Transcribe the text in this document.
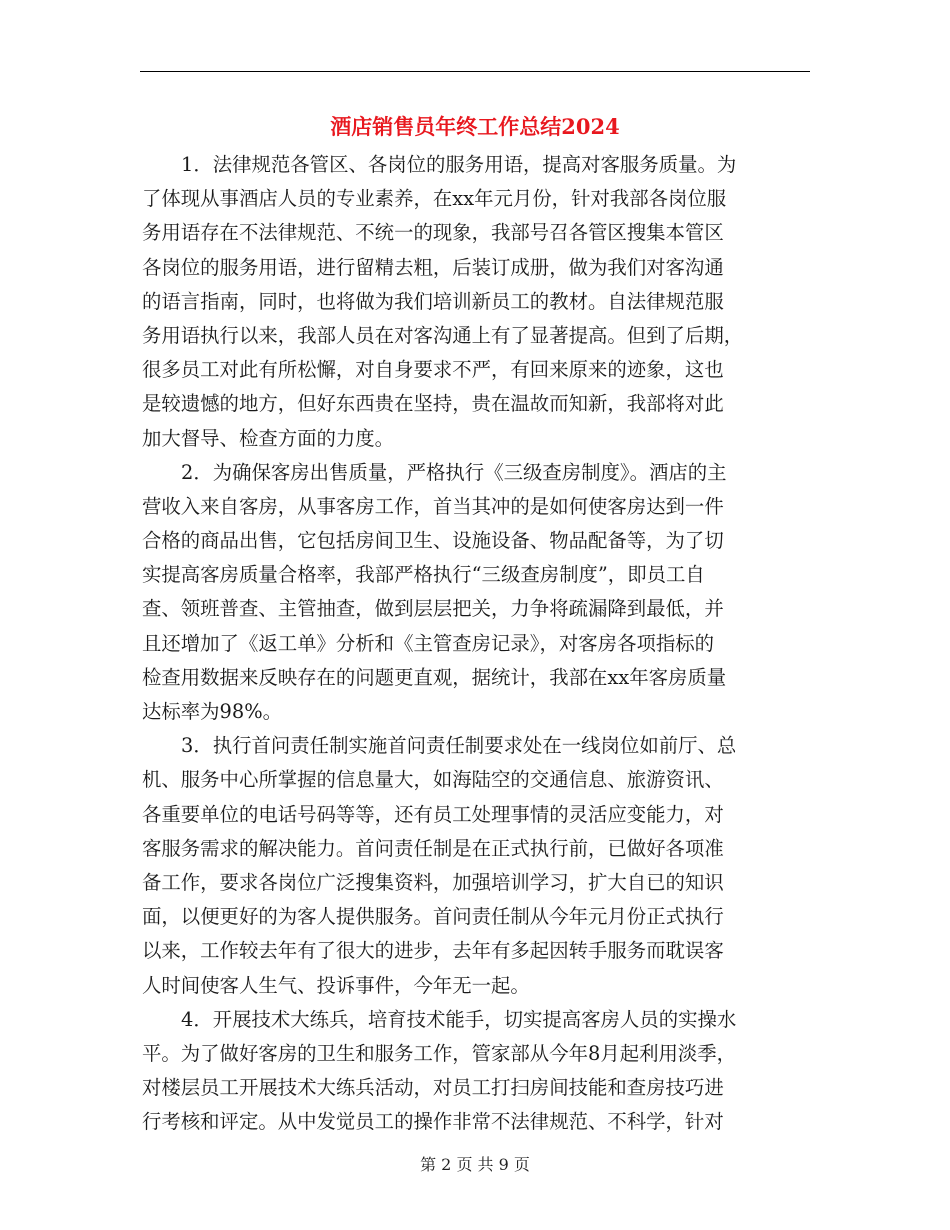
酒店销售员年终工作总结2024
1．法律规范各管区、各岗位的服务用语，提高对客服务质量。为
了体现从事酒店人员的专业素养，在xx年元月份，针对我部各岗位服
务用语存在不法律规范、不统一的现象，我部号召各管区搜集本管区
各岗位的服务用语，进行留精去粗，后装订成册，做为我们对客沟通
的语言指南，同时，也将做为我们培训新员工的教材。自法律规范服
务用语执行以来，我部人员在对客沟通上有了显著提高。但到了后期，
很多员工对此有所松懈，对自身要求不严，有回来原来的迹象，这也
是较遗憾的地方，但好东西贵在坚持，贵在温故而知新，我部将对此
加大督导、检查方面的力度。
2．为确保客房出售质量，严格执行《三级查房制度》。酒店的主
营收入来自客房，从事客房工作，首当其冲的是如何使客房达到一件
合格的商品出售，它包括房间卫生、设施设备、物品配备等，为了切
实提高客房质量合格率，我部严格执行“三级查房制度”，即员工自
查、领班普查、主管抽查，做到层层把关，力争将疏漏降到最低，并
且还增加了《返工单》分析和《主管查房记录》，对客房各项指标的
检查用数据来反映存在的问题更直观，据统计，我部在xx年客房质量
达标率为98%。
3．执行首问责任制实施首问责任制要求处在一线岗位如前厅、总
机、服务中心所掌握的信息量大，如海陆空的交通信息、旅游资讯、
各重要单位的电话号码等等，还有员工处理事情的灵活应变能力，对
客服务需求的解决能力。首问责任制是在正式执行前，已做好各项准
备工作，要求各岗位广泛搜集资料，加强培训学习，扩大自已的知识
面，以便更好的为客人提供服务。首问责任制从今年元月份正式执行
以来，工作较去年有了很大的进步，去年有多起因转手服务而耽误客
人时间使客人生气、投诉事件，今年无一起。
4．开展技术大练兵，培育技术能手，切实提高客房人员的实操水
平。为了做好客房的卫生和服务工作，管家部从今年8月起利用淡季，
对楼层员工开展技术大练兵活动，对员工打扫房间技能和查房技巧进
行考核和评定。从中发觉员工的操作非常不法律规范、不科学，针对
第 2 页 共 9 页
